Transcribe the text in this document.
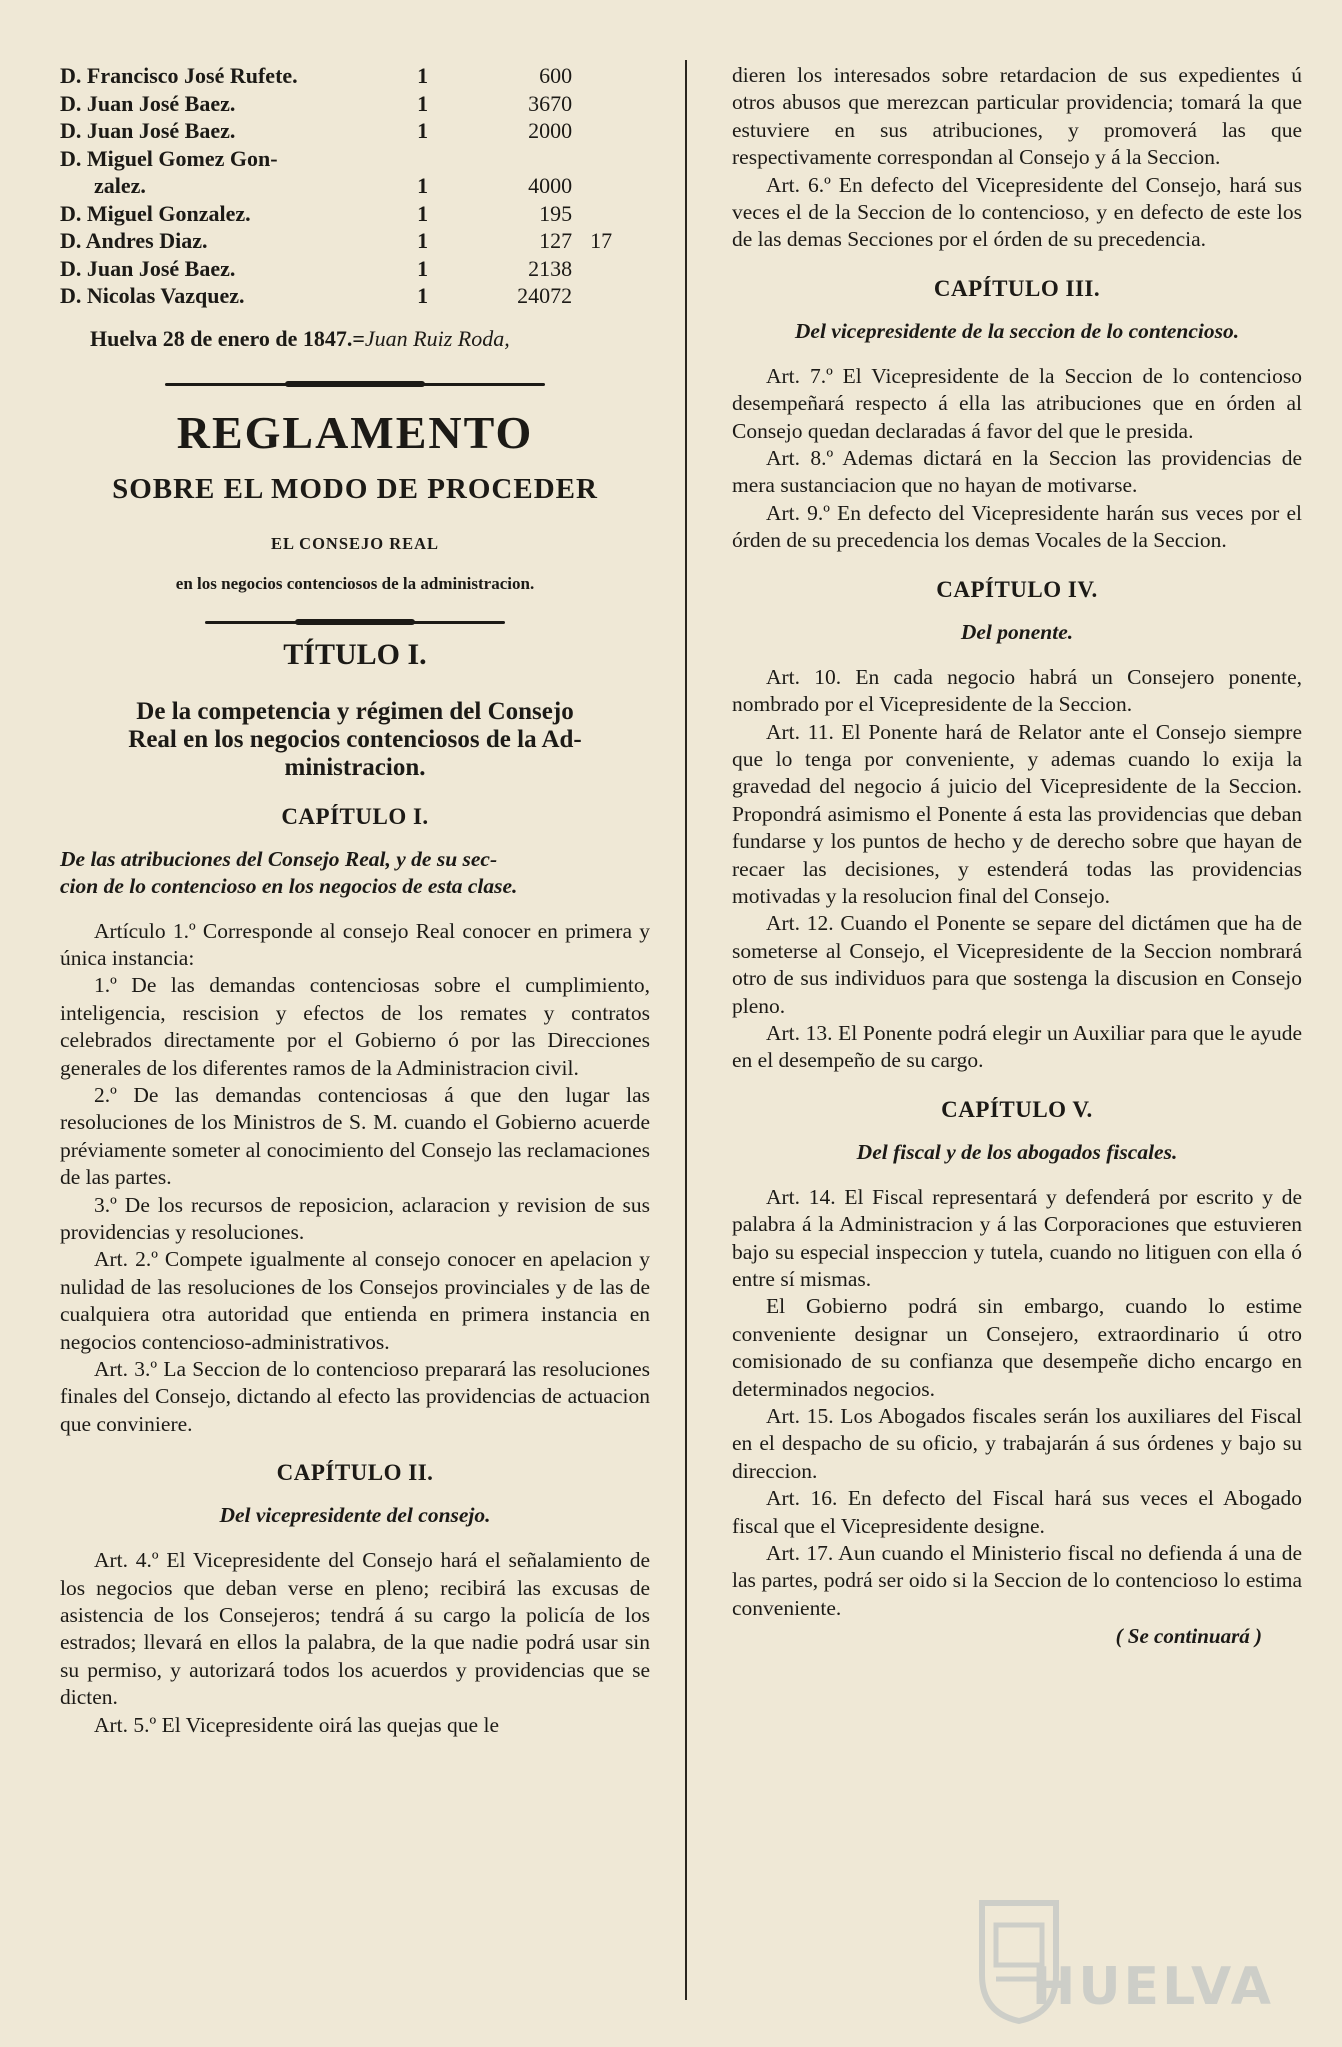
D. Francisco José Rufete.	1	600	
D. Juan José Baez.	1	3670	
D. Juan José Baez.	1	2000	
D. Miguel Gomez Gon-			
zalez.	1	4000	
D. Miguel Gonzalez.	1	195	
D. Andres Diaz.	1	127	17
D. Juan José Baez.	1	2138	
D. Nicolas Vazquez.	1	24072	
Huelva 28 de enero de 1847.=Juan Ruiz Roda,
REGLAMENTO
SOBRE EL MODO DE PROCEDER
EL CONSEJO REAL
en los negocios contenciosos de la administracion.
TÍTULO I.
De la competencia y régimen del Consejo
Real en los negocios contenciosos de la Ad-
ministracion.
CAPÍTULO I.
De las atribuciones del Consejo Real, y de su sec-
cion de lo contencioso en los negocios de esta clase.

Artículo 1.º Corresponde al consejo Real conocer en primera y única instancia:

1.º De las demandas contenciosas sobre el cumplimiento, inteligencia, rescision y efectos de los remates y contratos celebrados directamente por el Gobierno ó por las Direcciones generales de los diferentes ramos de la Administracion civil.

2.º De las demandas contenciosas á que den lugar las resoluciones de los Ministros de S. M. cuando el Gobierno acuerde préviamente someter al conocimiento del Consejo las reclamaciones de las partes.

3.º De los recursos de reposicion, aclaracion y revision de sus providencias y resoluciones.

Art. 2.º Compete igualmente al consejo conocer en apelacion y nulidad de las resoluciones de los Consejos provinciales y de las de cualquiera otra autoridad que entienda en primera instancia en negocios contencioso-administrativos.

Art. 3.º La Seccion de lo contencioso preparará las resoluciones finales del Consejo, dictando al efecto las providencias de actuacion que conviniere.

CAPÍTULO II.
Del vicepresidente del consejo.

Art. 4.º El Vicepresidente del Consejo hará el señalamiento de los negocios que deban verse en pleno; recibirá las excusas de asistencia de los Consejeros; tendrá á su cargo la policía de los estrados; llevará en ellos la palabra, de la que nadie podrá usar sin su permiso, y autorizará todos los acuerdos y providencias que se dicten.

Art. 5.º El Vicepresidente oirá las quejas que le

dieren los interesados sobre retardacion de sus expedientes ú otros abusos que merezcan particular providencia; tomará la que estuviere en sus atribuciones, y promoverá las que respectivamente correspondan al Consejo y á la Seccion.

Art. 6.º En defecto del Vicepresidente del Consejo, hará sus veces el de la Seccion de lo contencioso, y en defecto de este los de las demas Secciones por el órden de su precedencia.

CAPÍTULO III.
Del vicepresidente de la seccion de lo contencioso.

Art. 7.º El Vicepresidente de la Seccion de lo contencioso desempeñará respecto á ella las atribuciones que en órden al Consejo quedan declaradas á favor del que le presida.

Art. 8.º Ademas dictará en la Seccion las providencias de mera sustanciacion que no hayan de motivarse.

Art. 9.º En defecto del Vicepresidente harán sus veces por el órden de su precedencia los demas Vocales de la Seccion.

CAPÍTULO IV.
Del ponente.

Art. 10. En cada negocio habrá un Consejero ponente, nombrado por el Vicepresidente de la Seccion.

Art. 11. El Ponente hará de Relator ante el Consejo siempre que lo tenga por conveniente, y ademas cuando lo exija la gravedad del negocio á juicio del Vicepresidente de la Seccion. Propondrá asimismo el Ponente á esta las providencias que deban fundarse y los puntos de hecho y de derecho sobre que hayan de recaer las decisiones, y estenderá todas las providencias motivadas y la resolucion final del Consejo.

Art. 12. Cuando el Ponente se separe del dictámen que ha de someterse al Consejo, el Vicepresidente de la Seccion nombrará otro de sus individuos para que sostenga la discusion en Consejo pleno.

Art. 13. El Ponente podrá elegir un Auxiliar para que le ayude en el desempeño de su cargo.

CAPÍTULO V.
Del fiscal y de los abogados fiscales.

Art. 14. El Fiscal representará y defenderá por escrito y de palabra á la Administracion y á las Corporaciones que estuvieren bajo su especial inspeccion y tutela, cuando no litiguen con ella ó entre sí mismas.

El Gobierno podrá sin embargo, cuando lo estime conveniente designar un Consejero, extraordinario ú otro comisionado de su confianza que desempeñe dicho encargo en determinados negocios.

Art. 15. Los Abogados fiscales serán los auxiliares del Fiscal en el despacho de su oficio, y trabajarán á sus órdenes y bajo su direccion.

Art. 16. En defecto del Fiscal hará sus veces el Abogado fiscal que el Vicepresidente designe.

Art. 17. Aun cuando el Ministerio fiscal no defienda á una de las partes, podrá ser oido si la Seccion de lo contencioso lo estima conveniente.

( Se continuará )
HUELVA
